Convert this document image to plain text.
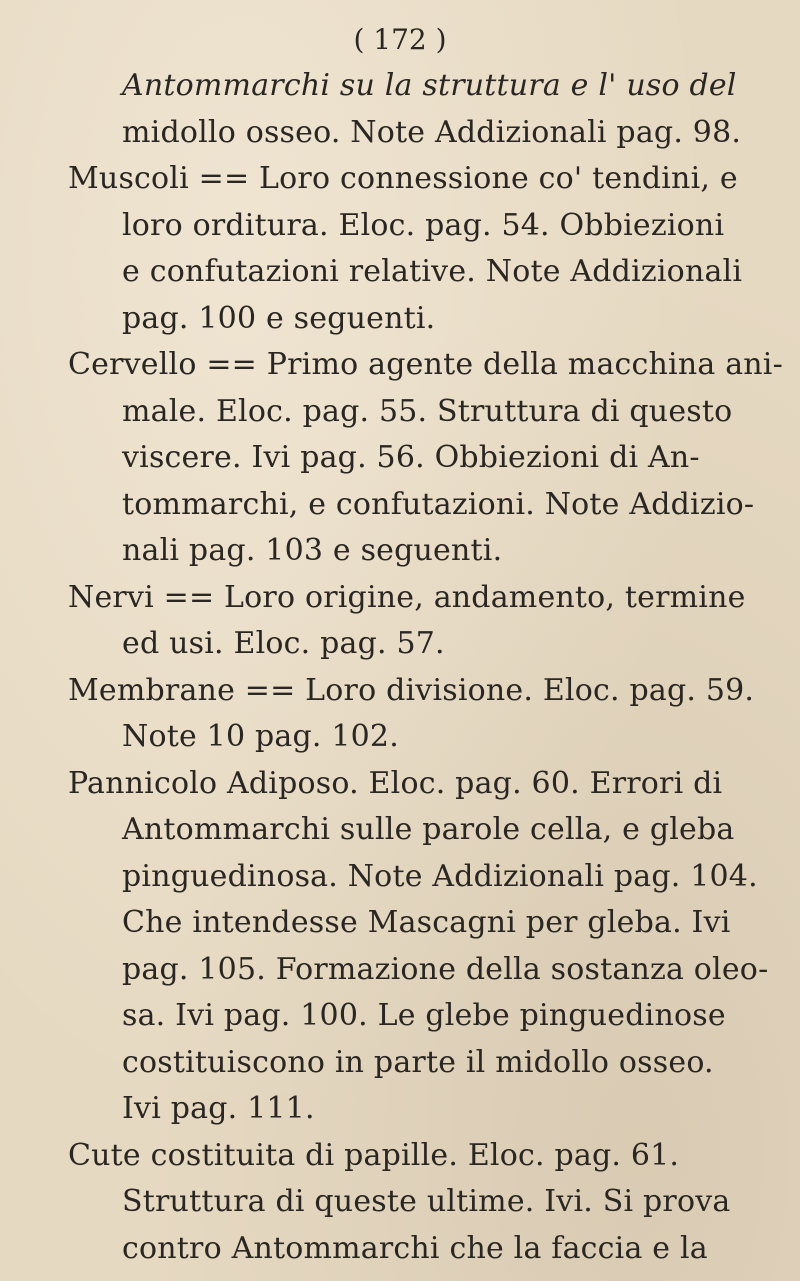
( 172 )
Antommarchi su la struttura e l' uso del
midollo osseo. Note Addizionali pag. 98.
Muscoli == Loro connessione co' tendini, e
loro orditura. Eloc. pag. 54. Obbiezioni
e confutazioni relative. Note Addizionali
pag. 100 e seguenti.
Cervello == Primo agente della macchina ani-
male. Eloc. pag. 55. Struttura di questo
viscere. Ivi pag. 56. Obbiezioni di An-
tommarchi, e confutazioni. Note Addizio-
nali pag. 103 e seguenti.
Nervi == Loro origine, andamento, termine
ed usi. Eloc. pag. 57.
Membrane == Loro divisione. Eloc. pag. 59.
Note 10 pag. 102.
Pannicolo Adiposo. Eloc. pag. 60. Errori di
Antommarchi sulle parole cella, e gleba
pinguedinosa. Note Addizionali pag. 104.
Che intendesse Mascagni per gleba. Ivi
pag. 105. Formazione della sostanza oleo-
sa. Ivi pag. 100. Le glebe pinguedinose
costituiscono in parte il midollo osseo.
Ivi pag. 111.
Cute costituita di papille. Eloc. pag. 61.
Struttura di queste ultime. Ivi. Si prova
contro Antommarchi che la faccia e la
